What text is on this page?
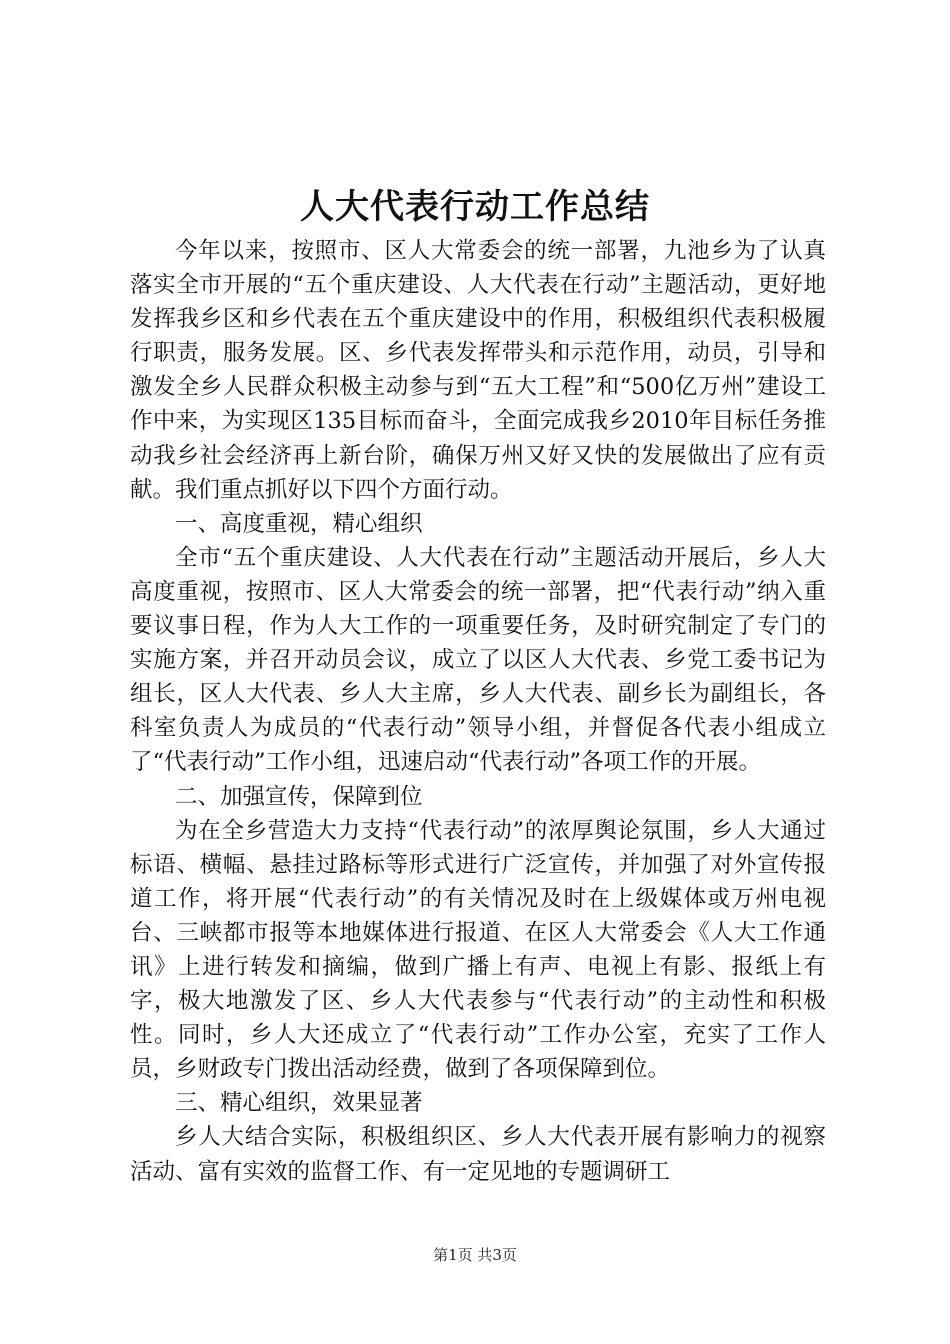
人大代表行动工作总结

今年以来，按照市、区人大常委会的统一部署，九池乡为了认真落实全市开展的“五个重庆建设、人大代表在行动”主题活动，更好地发挥我乡区和乡代表在五个重庆建设中的作用，积极组织代表积极履行职责，服务发展。区、乡代表发挥带头和示范作用，动员，引导和激发全乡人民群众积极主动参与到“五大工程”和“500亿万州”建设工作中来，为实现区135目标而奋斗，全面完成我乡2010年目标任务推动我乡社会经济再上新台阶，确保万州又好又快的发展做出了应有贡献。我们重点抓好以下四个方面行动。

一、高度重视，精心组织

全市“五个重庆建设、人大代表在行动”主题活动开展后，乡人大高度重视，按照市、区人大常委会的统一部署，把“代表行动”纳入重要议事日程，作为人大工作的一项重要任务，及时研究制定了专门的实施方案，并召开动员会议，成立了以区人大代表、乡党工委书记为组长，区人大代表、乡人大主席，乡人大代表、副乡长为副组长，各科室负责人为成员的“代表行动”领导小组，并督促各代表小组成立了“代表行动”工作小组，迅速启动“代表行动”各项工作的开展。

二、加强宣传，保障到位

为在全乡营造大力支持“代表行动”的浓厚舆论氛围，乡人大通过标语、横幅、悬挂过路标等形式进行广泛宣传，并加强了对外宣传报道工作，将开展“代表行动”的有关情况及时在上级媒体或万州电视台、三峡都市报等本地媒体进行报道、在区人大常委会《人大工作通讯》上进行转发和摘编，做到广播上有声、电视上有影、报纸上有字，极大地激发了区、乡人大代表参与“代表行动”的主动性和积极性。同时，乡人大还成立了“代表行动”工作办公室，充实了工作人员，乡财政专门拨出活动经费，做到了各项保障到位。

三、精心组织，效果显著

乡人大结合实际，积极组织区、乡人大代表开展有影响力的视察活动、富有实效的监督工作、有一定见地的专题调研工

第1页 共3页
